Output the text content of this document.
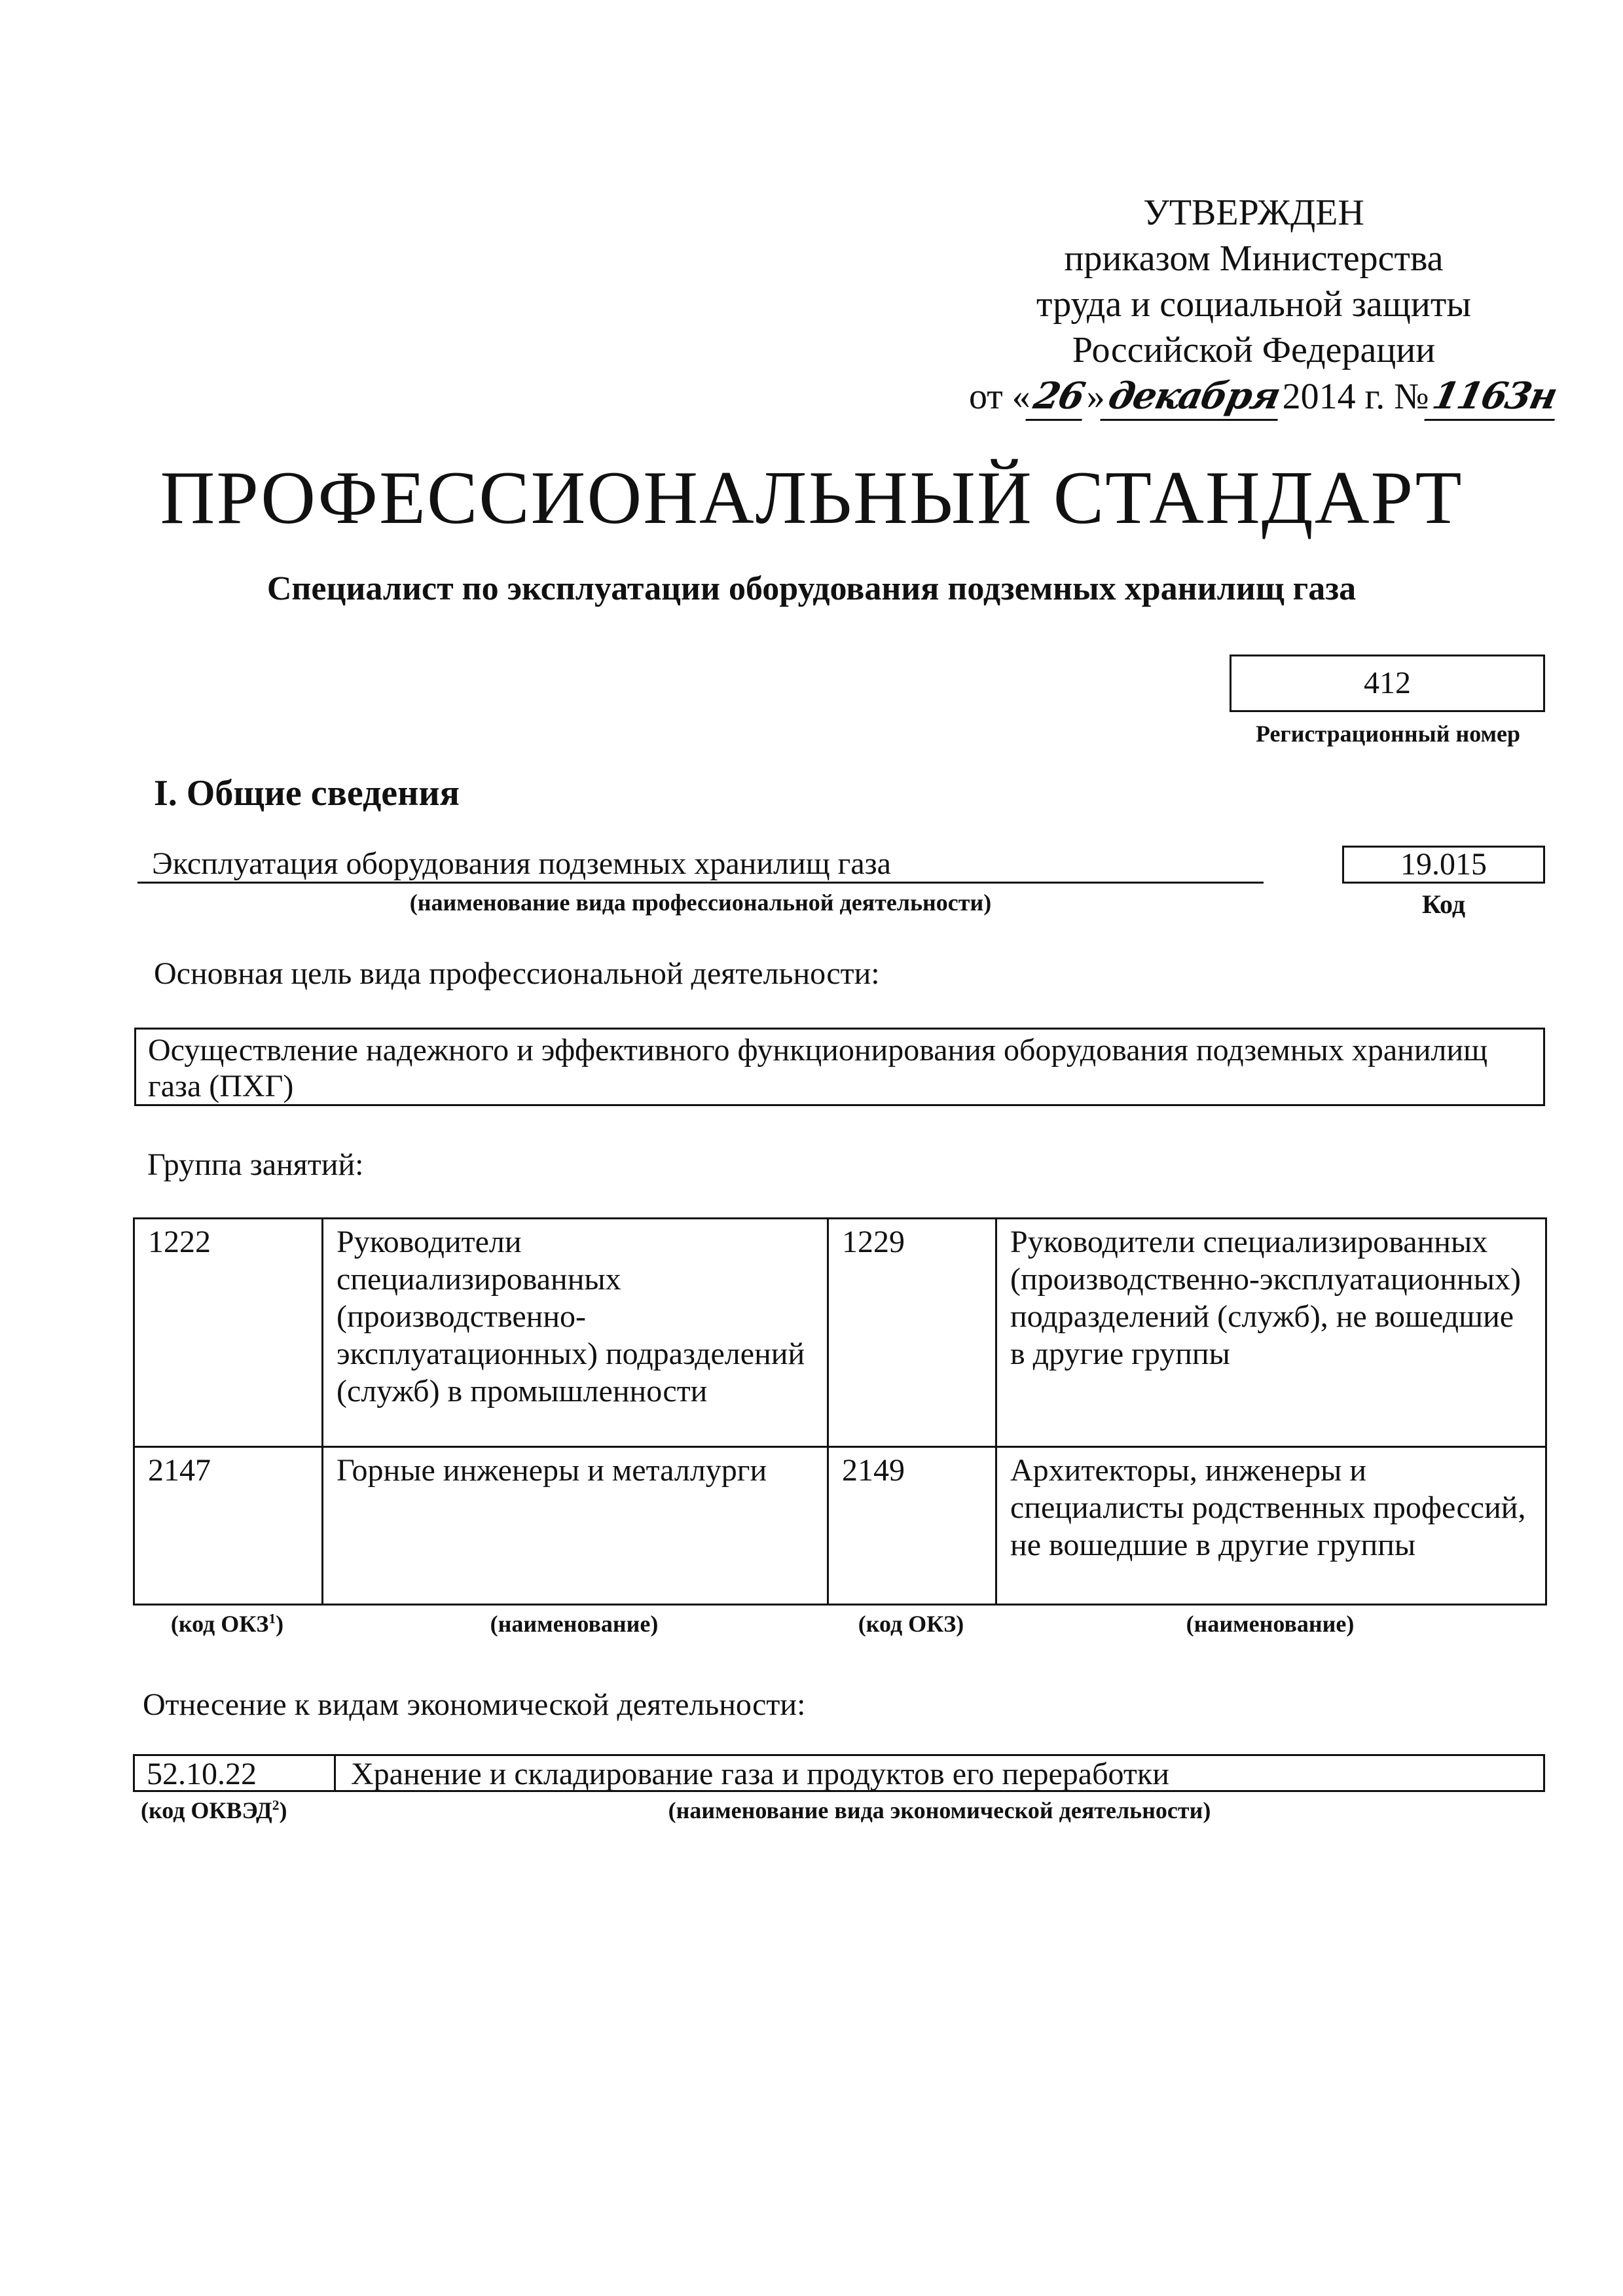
УТВЕРЖДЕН
приказом Министерства
труда и социальной защиты
Российской Федерации
от «26»декабря2014 г. №1163н
ПРОФЕССИОНАЛЬНЫЙ СТАНДАРТ
Специалист по эксплуатации оборудования подземных хранилищ газа
412
Регистрационный номер
I. Общие сведения
Эксплуатация оборудования подземных хранилищ газа
(наименование вида профессиональной деятельности)
19.015
Код
Основная цель вида профессиональной деятельности:
Осуществление надежного и эффективного функционирования оборудования подземных хранилищ газа (ПХГ)
Группа занятий:
1222	Руководители специализированных (производственно-эксплуатационных) подразделений (служб) в промышленности	1229	Руководители специализированных (производственно-эксплуатационных) подразделений (служб), не вошедшие в другие группы
2147	Горные инженеры и металлурги	2149	Архитекторы, инженеры и специалисты родственных профессий, не вошедшие в другие группы
(код ОКЗ$^1$)	(наименование)	(код ОКЗ)	(наименование)
Отнесение к видам экономической деятельности:
52.10.22	Хранение и складирование газа и продуктов его переработки
(код ОКВЭД$^2$)	(наименование вида экономической деятельности)
